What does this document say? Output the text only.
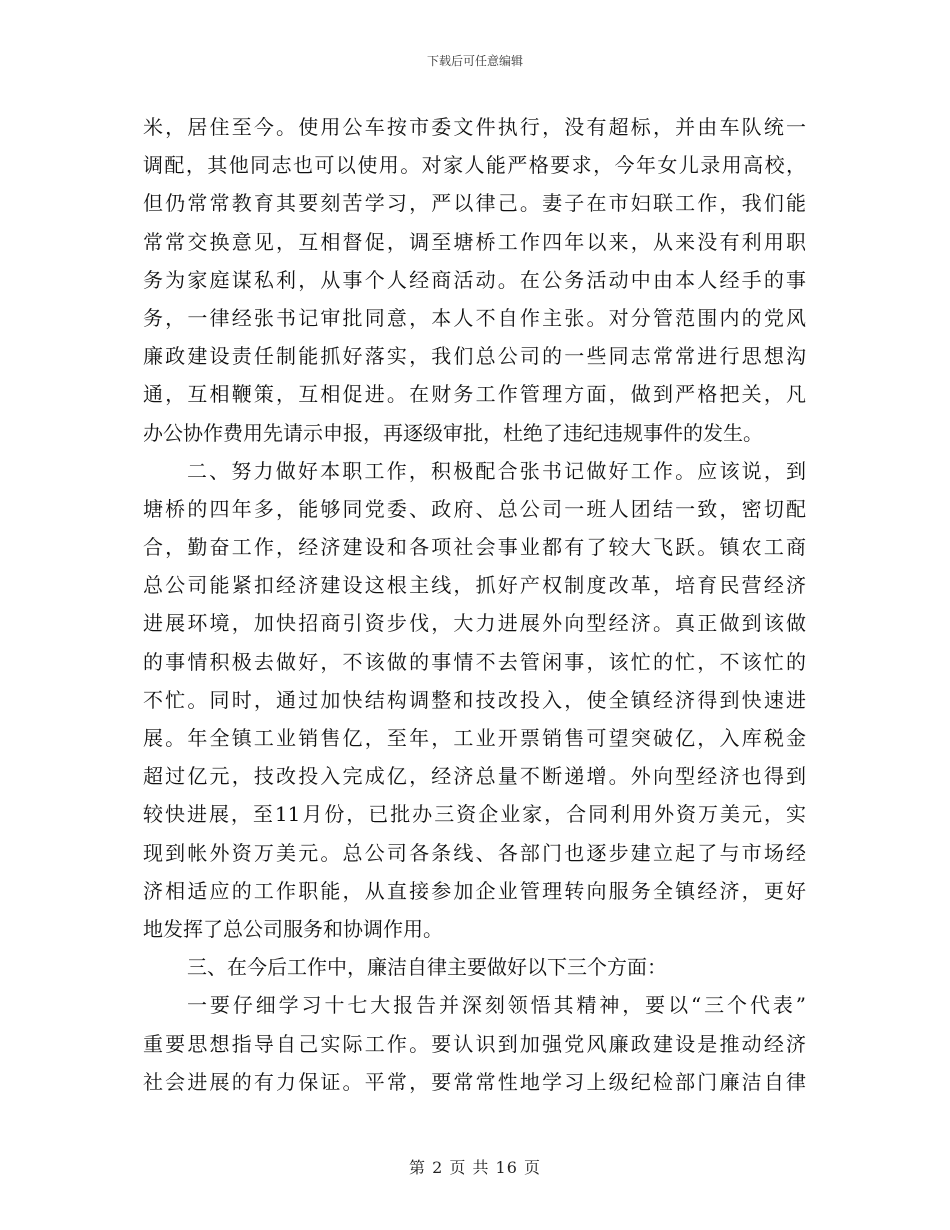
下载后可任意编辑
米，居住至今。使用公车按市委文件执行，没有超标，并由车队统一
调配，其他同志也可以使用。对家人能严格要求，今年女儿录用高校，
但仍常常教育其要刻苦学习，严以律己。妻子在市妇联工作，我们能
常常交换意见，互相督促，调至塘桥工作四年以来，从来没有利用职
务为家庭谋私利，从事个人经商活动。在公务活动中由本人经手的事
务，一律经张书记审批同意，本人不自作主张。对分管范围内的党风
廉政建设责任制能抓好落实，我们总公司的一些同志常常进行思想沟
通，互相鞭策，互相促进。在财务工作管理方面，做到严格把关，凡
办公协作费用先请示申报，再逐级审批，杜绝了违纪违规事件的发生。
二、努力做好本职工作，积极配合张书记做好工作。应该说，到
塘桥的四年多，能够同党委、政府、总公司一班人团结一致，密切配
合，勤奋工作，经济建设和各项社会事业都有了较大飞跃。镇农工商
总公司能紧扣经济建设这根主线，抓好产权制度改革，培育民营经济
进展环境，加快招商引资步伐，大力进展外向型经济。真正做到该做
的事情积极去做好，不该做的事情不去管闲事，该忙的忙，不该忙的
不忙。同时，通过加快结构调整和技改投入，使全镇经济得到快速进
展。年全镇工业销售亿，至年，工业开票销售可望突破亿，入库税金
超过亿元，技改投入完成亿，经济总量不断递增。外向型经济也得到
较快进展，至11月份，已批办三资企业家，合同利用外资万美元，实
现到帐外资万美元。总公司各条线、各部门也逐步建立起了与市场经
济相适应的工作职能，从直接参加企业管理转向服务全镇经济，更好
地发挥了总公司服务和协调作用。
三、在今后工作中，廉洁自律主要做好以下三个方面：
一要仔细学习十七大报告并深刻领悟其精神，要以“三个代表”
重要思想指导自己实际工作。要认识到加强党风廉政建设是推动经济
社会进展的有力保证。平常，要常常性地学习上级纪检部门廉洁自律
第 2 页 共 16 页
